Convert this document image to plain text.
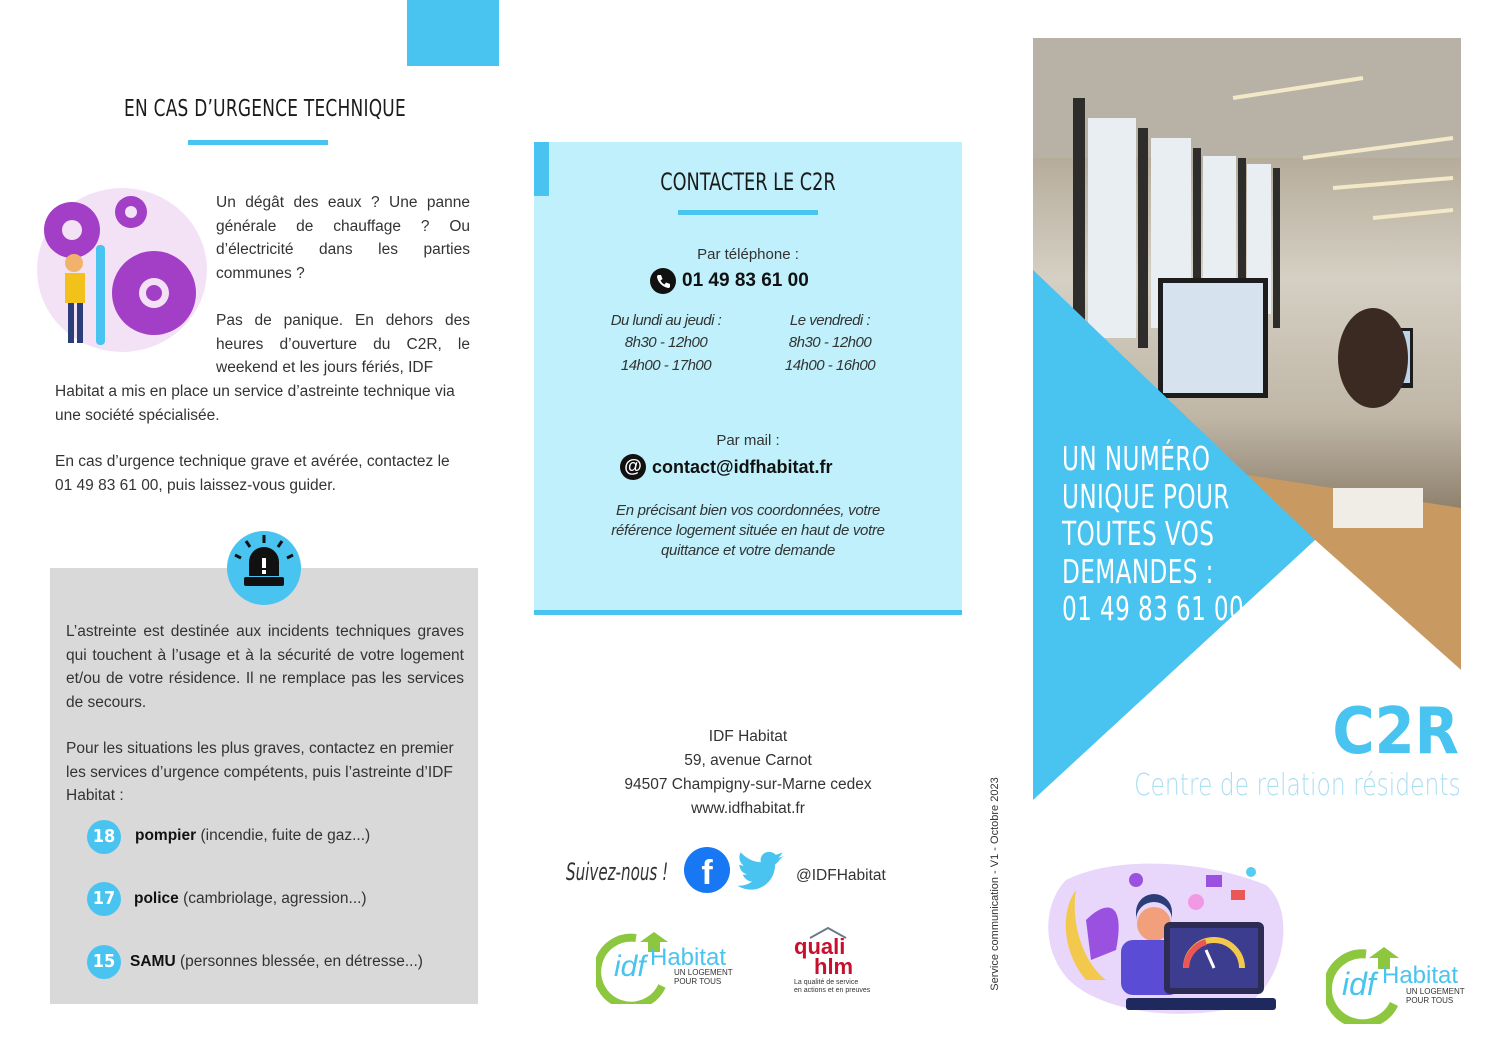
EN CAS D’URGENCE TECHNIQUE
Un dégât des eaux ? Une panne générale de chauffage ? Ou d’électricité dans les parties communes ?
Pas de panique. En dehors des heures d’ouverture du C2R, le weekend et les jours fériés, IDF
Habitat a mis en place un service d’astreinte technique via une société spécialisée.
En cas d’urgence technique grave et avérée, contactez le 01 49 83 61 00, puis laissez-vous guider.
L’astreinte est destinée aux incidents techniques graves qui touchent à l’usage et à la sécurité de votre logement et/ou de votre résidence. Il ne remplace pas les services de secours.
Pour les situations les plus graves, contactez en premier les services d’urgence compétents, puis l’astreinte d’IDF Habitat :
18	pompier (incendie, fuite de gaz...)
17	police (cambriolage, agression...)
15 SAMU (personnes blessée, en détresse...)
CONTACTER LE C2R
Par téléphone :
01 49 83 61 00
Du lundi au jeudi :
8h30 - 12h00
14h00 - 17h00
Le vendredi :
8h30 - 12h00
14h00 - 16h00
Par mail :
@ contact@idfhabitat.fr
En précisant bien vos coordonnées, votre référence logement située en haut de votre quittance et votre demande
IDF Habitat
59, avenue Carnot
94507 Champigny-sur-Marne cedex
www.idfhabitat.fr
Suivez-nous ! f	@IDFHabitat
idf Habitat
UN LOGEMENT
POUR TOUS
quali
hlm
La qualité de service
en actions et en preuves	Service communication - V1 - Octobre 2023
UN NUMÉRO
UNIQUE POUR
TOUTES VOS
DEMANDES :
01 49 83 61 00
C2R
Centre de relation résidents
idf Habitat
UN LOGEMENT
POUR TOUS
